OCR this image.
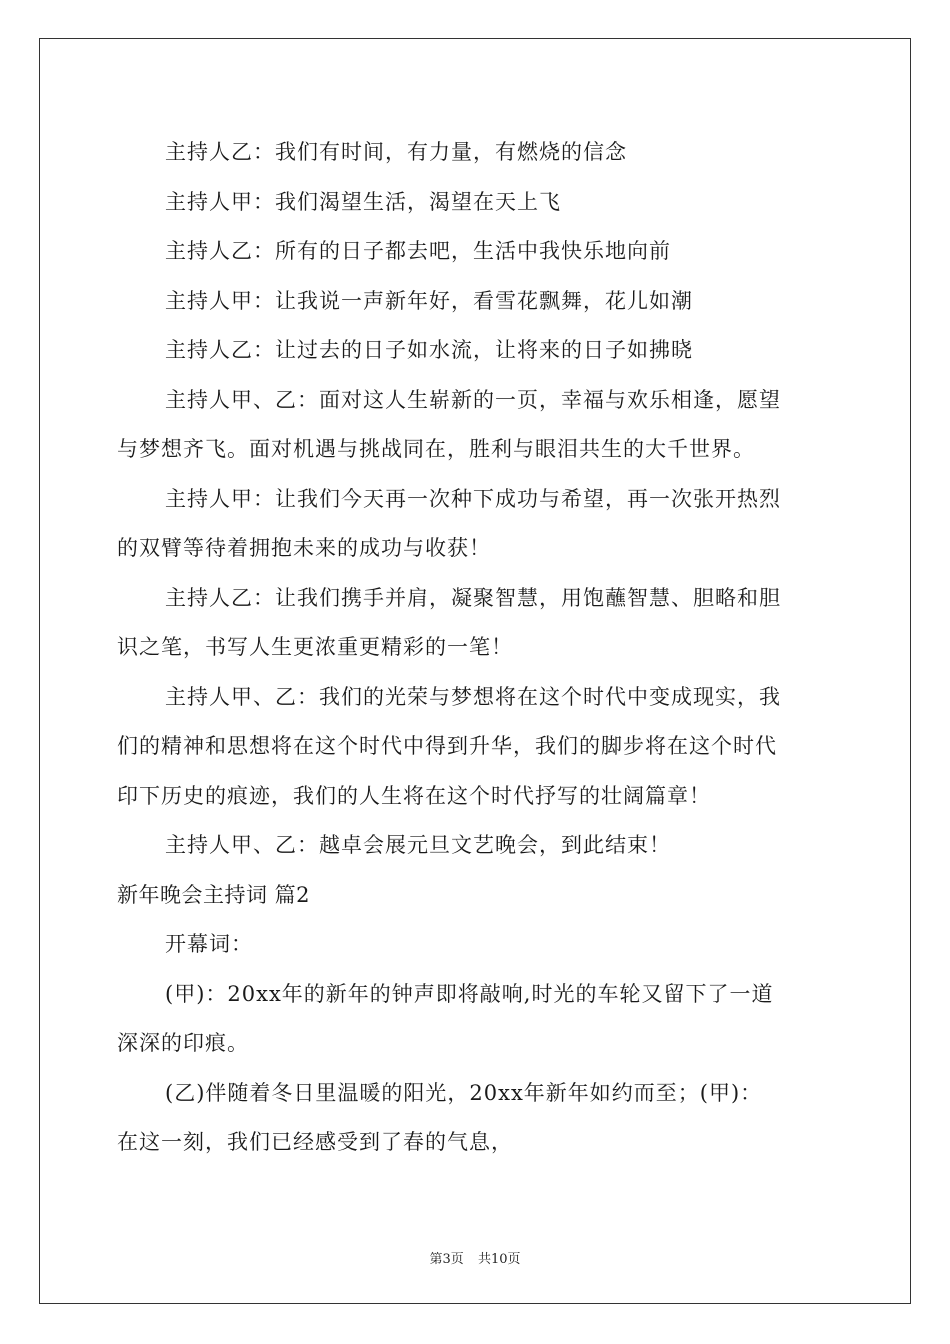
主持人乙：我们有时间，有力量，有燃烧的信念
主持人甲：我们渴望生活，渴望在天上飞
主持人乙：所有的日子都去吧，生活中我快乐地向前
主持人甲：让我说一声新年好，看雪花飘舞，花儿如潮
主持人乙：让过去的日子如水流，让将来的日子如拂晓
主持人甲、乙：面对这人生崭新的一页，幸福与欢乐相逢，愿望
与梦想齐飞。面对机遇与挑战同在，胜利与眼泪共生的大千世界。
主持人甲：让我们今天再一次种下成功与希望，再一次张开热烈
的双臂等待着拥抱未来的成功与收获！
主持人乙：让我们携手并肩，凝聚智慧，用饱蘸智慧、胆略和胆
识之笔，书写人生更浓重更精彩的一笔！
主持人甲、乙：我们的光荣与梦想将在这个时代中变成现实，我
们的精神和思想将在这个时代中得到升华，我们的脚步将在这个时代
印下历史的痕迹，我们的人生将在这个时代抒写的壮阔篇章！
主持人甲、乙：越卓会展元旦文艺晚会，到此结束！
新年晚会主持词 篇2
开幕词：
(甲)：20xx年的新年的钟声即将敲响,时光的车轮又留下了一道
深深的印痕。
(乙)伴随着冬日里温暖的阳光，20xx年新年如约而至；(甲)：
在这一刻，我们已经感受到了春的气息，
第3页 共10页
